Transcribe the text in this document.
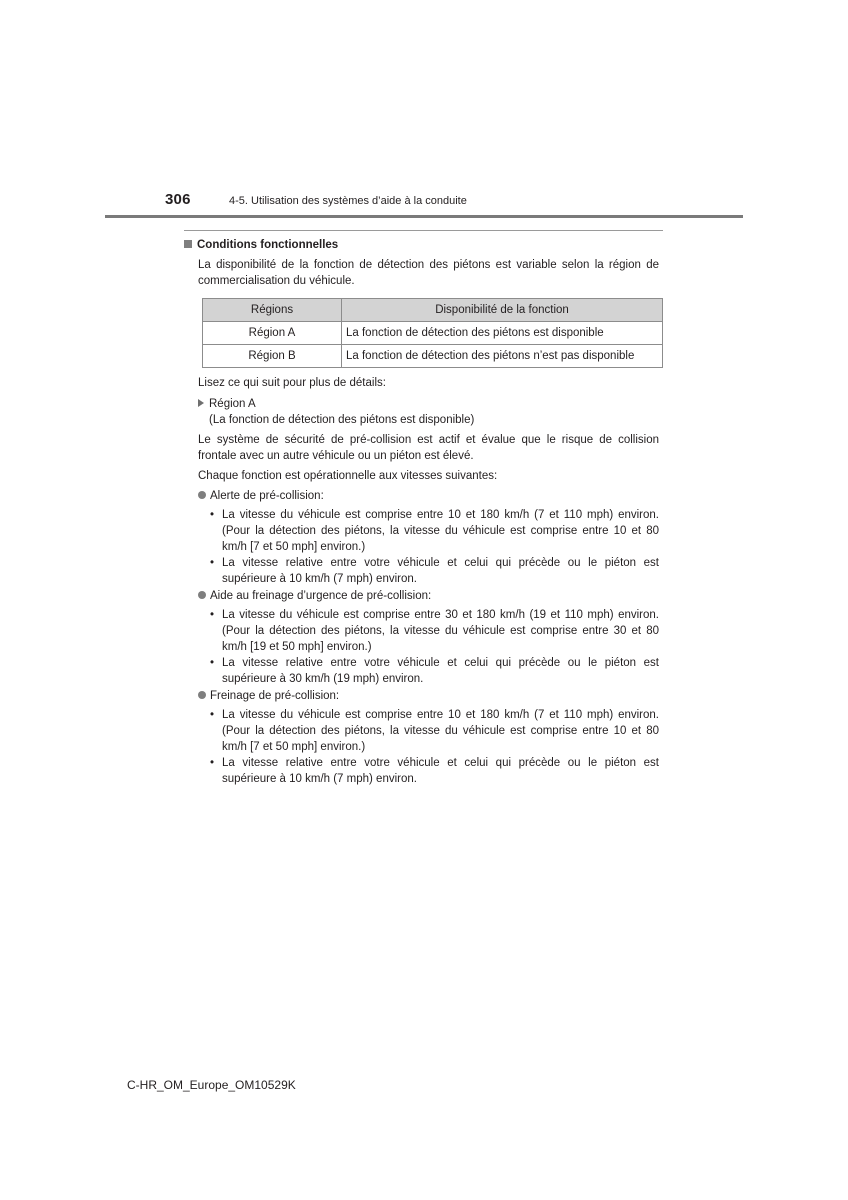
306	4-5. Utilisation des systèmes d’aide à la conduite
Conditions fonctionnelles

La disponibilité de la fonction de détection des piétons est variable selon la région de commercialisation du véhicule.

Régions	Disponibilité de la fonction
Région A	La fonction de détection des piétons est disponible
Région B	La fonction de détection des piétons n’est pas disponible

Lisez ce qui suit pour plus de détails:

Région A
(La fonction de détection des piétons est disponible)

Le système de sécurité de pré-collision est actif et évalue que le risque de collision frontale avec un autre véhicule ou un piéton est élevé.

Chaque fonction est opérationnelle aux vitesses suivantes:

Alerte de pré-collision:
• La vitesse du véhicule est comprise entre 10 et 180 km/h (7 et 110 mph) environ. (Pour la détection des piétons, la vitesse du véhicule est comprise entre 10 et 80 km/h [7 et 50 mph] environ.)
• La vitesse relative entre votre véhicule et celui qui précède ou le piéton est supérieure à 10 km/h (7 mph) environ.
Aide au freinage d’urgence de pré-collision:
• La vitesse du véhicule est comprise entre 30 et 180 km/h (19 et 110 mph) environ. (Pour la détection des piétons, la vitesse du véhicule est comprise entre 30 et 80 km/h [19 et 50 mph] environ.)
• La vitesse relative entre votre véhicule et celui qui précède ou le piéton est supérieure à 30 km/h (19 mph) environ.
Freinage de pré-collision:
• La vitesse du véhicule est comprise entre 10 et 180 km/h (7 et 110 mph) environ. (Pour la détection des piétons, la vitesse du véhicule est comprise entre 10 et 80 km/h [7 et 50 mph] environ.)
• La vitesse relative entre votre véhicule et celui qui précède ou le piéton est supérieure à 10 km/h (7 mph) environ.
C-HR_OM_Europe_OM10529K
